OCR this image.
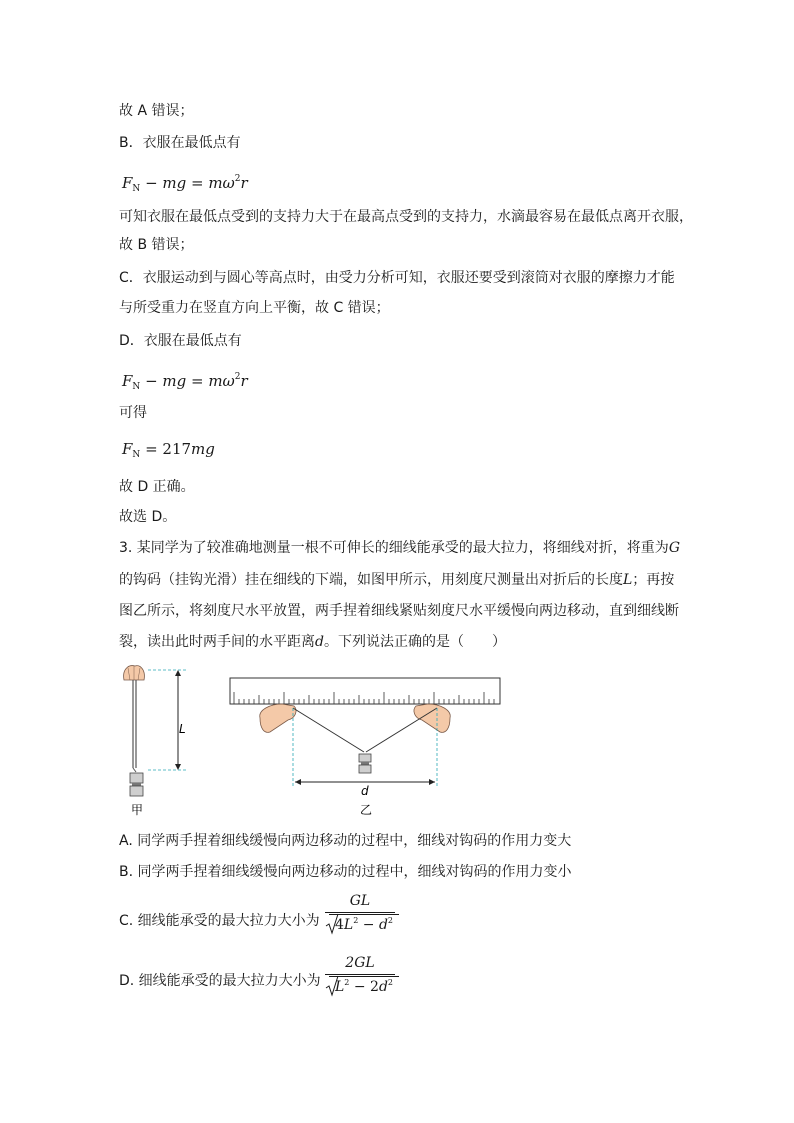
故 A 错误；
B．衣服在最低点有
$F_N$ − mg = $m\omega^2r$
可知衣服在最低点受到的支持力大于在最高点受到的支持力，水滴最容易在最低点离开衣服，
故 B 错误；
C．衣服运动到与圆心等高点时，由受力分析可知，衣服还要受到滚筒对衣服的摩擦力才能
与所受重力在竖直方向上平衡，故 C 错误；
D．衣服在最低点有
$F_N$ − mg = $m\omega^2r$
可得
$F_N = 217mg$
故 D 正确。
故选 D。
3. 某同学为了较准确地测量一根不可伸长的细线能承受的最大拉力，将细线对折，将重为G
的钩码（挂钩光滑）挂在细线的下端，如图甲所示，用刻度尺测量出对折后的长度L；再按
图乙所示，将刻度尺水平放置，两手捏着细线紧贴刻度尺水平缓慢向两边移动，直到细线断
裂，读出此时两手间的水平距离d。下列说法正确的是（　　）
L
甲
d
乙
A. 同学两手捏着细线缓慢向两边移动的过程中，细线对钩码的作用力变大
B. 同学两手捏着细线缓慢向两边移动的过程中，细线对钩码的作用力变小
C. 细线能承受的最大拉力大小为 $\frac{GL}{4L^2 - d^2}$
D. 细线能承受的最大拉力大小为 $\frac{2GL}{L^2 - 2d^2}$
